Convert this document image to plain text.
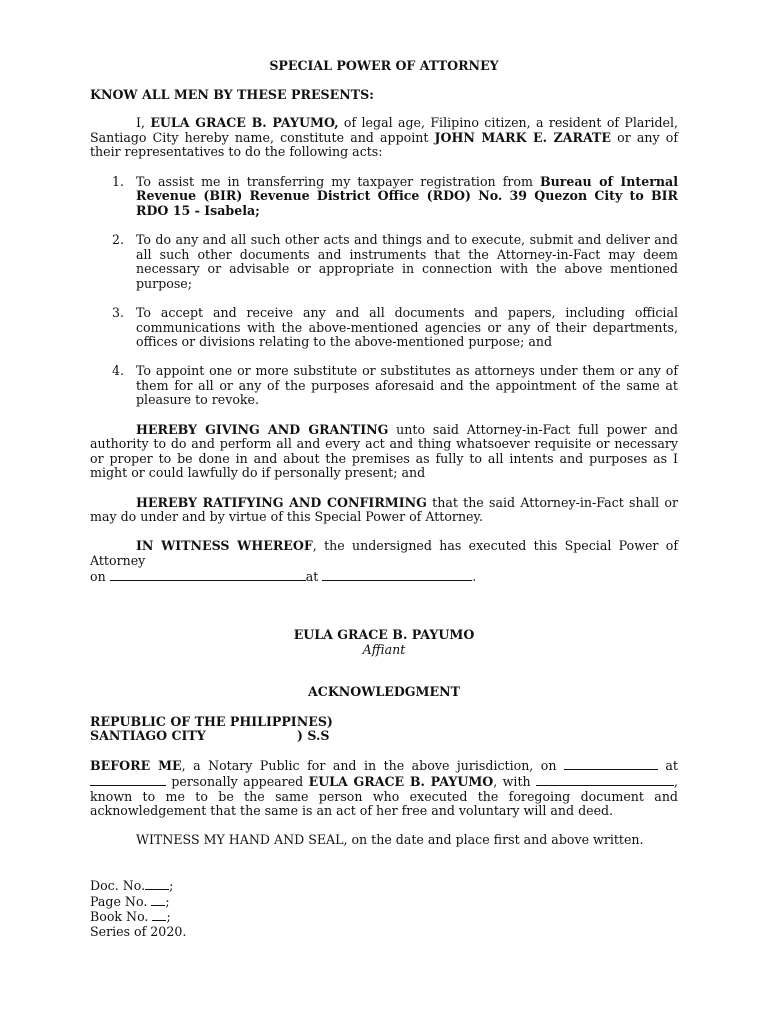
SPECIAL POWER OF ATTORNEY

KNOW ALL MEN BY THESE PRESENTS:

I, EULA GRACE B. PAYUMO, of legal age, Filipino citizen, a resident of Plaridel, Santiago City hereby name, constitute and appoint JOHN MARK E. ZARATE or any of their representatives to do the following acts:

1. To assist me in transferring my taxpayer registration from Bureau of Internal Revenue (BIR) Revenue District Office (RDO) No. 39 Quezon City to BIR RDO 15 - Isabela;
2. To do any and all such other acts and things and to execute, submit and deliver and all such other documents and instruments that the Attorney-in-Fact may deem necessary or advisable or appropriate in connection with the above mentioned purpose;
3. To accept and receive any and all documents and papers, including official communications with the above-mentioned agencies or any of their departments, offices or divisions relating to the above-mentioned purpose; and
4. To appoint one or more substitute or substitutes as attorneys under them or any of them for all or any of the purposes aforesaid and the appointment of the same at pleasure to revoke.

HEREBY GIVING AND GRANTING unto said Attorney-in-Fact full power and authority to do and perform all and every act and thing whatsoever requisite or necessary or proper to be done in and about the premises as fully to all intents and purposes as I might or could lawfully do if personally present; and

HEREBY RATIFYING AND CONFIRMING that the said Attorney-in-Fact shall or may do under and by virtue of this Special Power of Attorney.

IN WITNESS WHEREOF, the undersigned has executed this Special Power of Attorney

on	at	.

EULA GRACE B. PAYUMO

Affiant

ACKNOWLEDGMENT

REPUBLIC OF THE PHILIPPINES)
SANTIAGO CITY	) S.S

BEFORE ME, a Notary Public for and in the above jurisdiction, on	at  personally appeared EULA GRACE B. PAYUMO, with	, known to me to be the same person who executed the foregoing document and acknowledgement that the same is an act of her free and voluntary will and deed.

WITNESS MY HAND AND SEAL, on the date and place first and above written.

Doc. No. ;

Page No. ;

Book No. ;

Series of 2020.
